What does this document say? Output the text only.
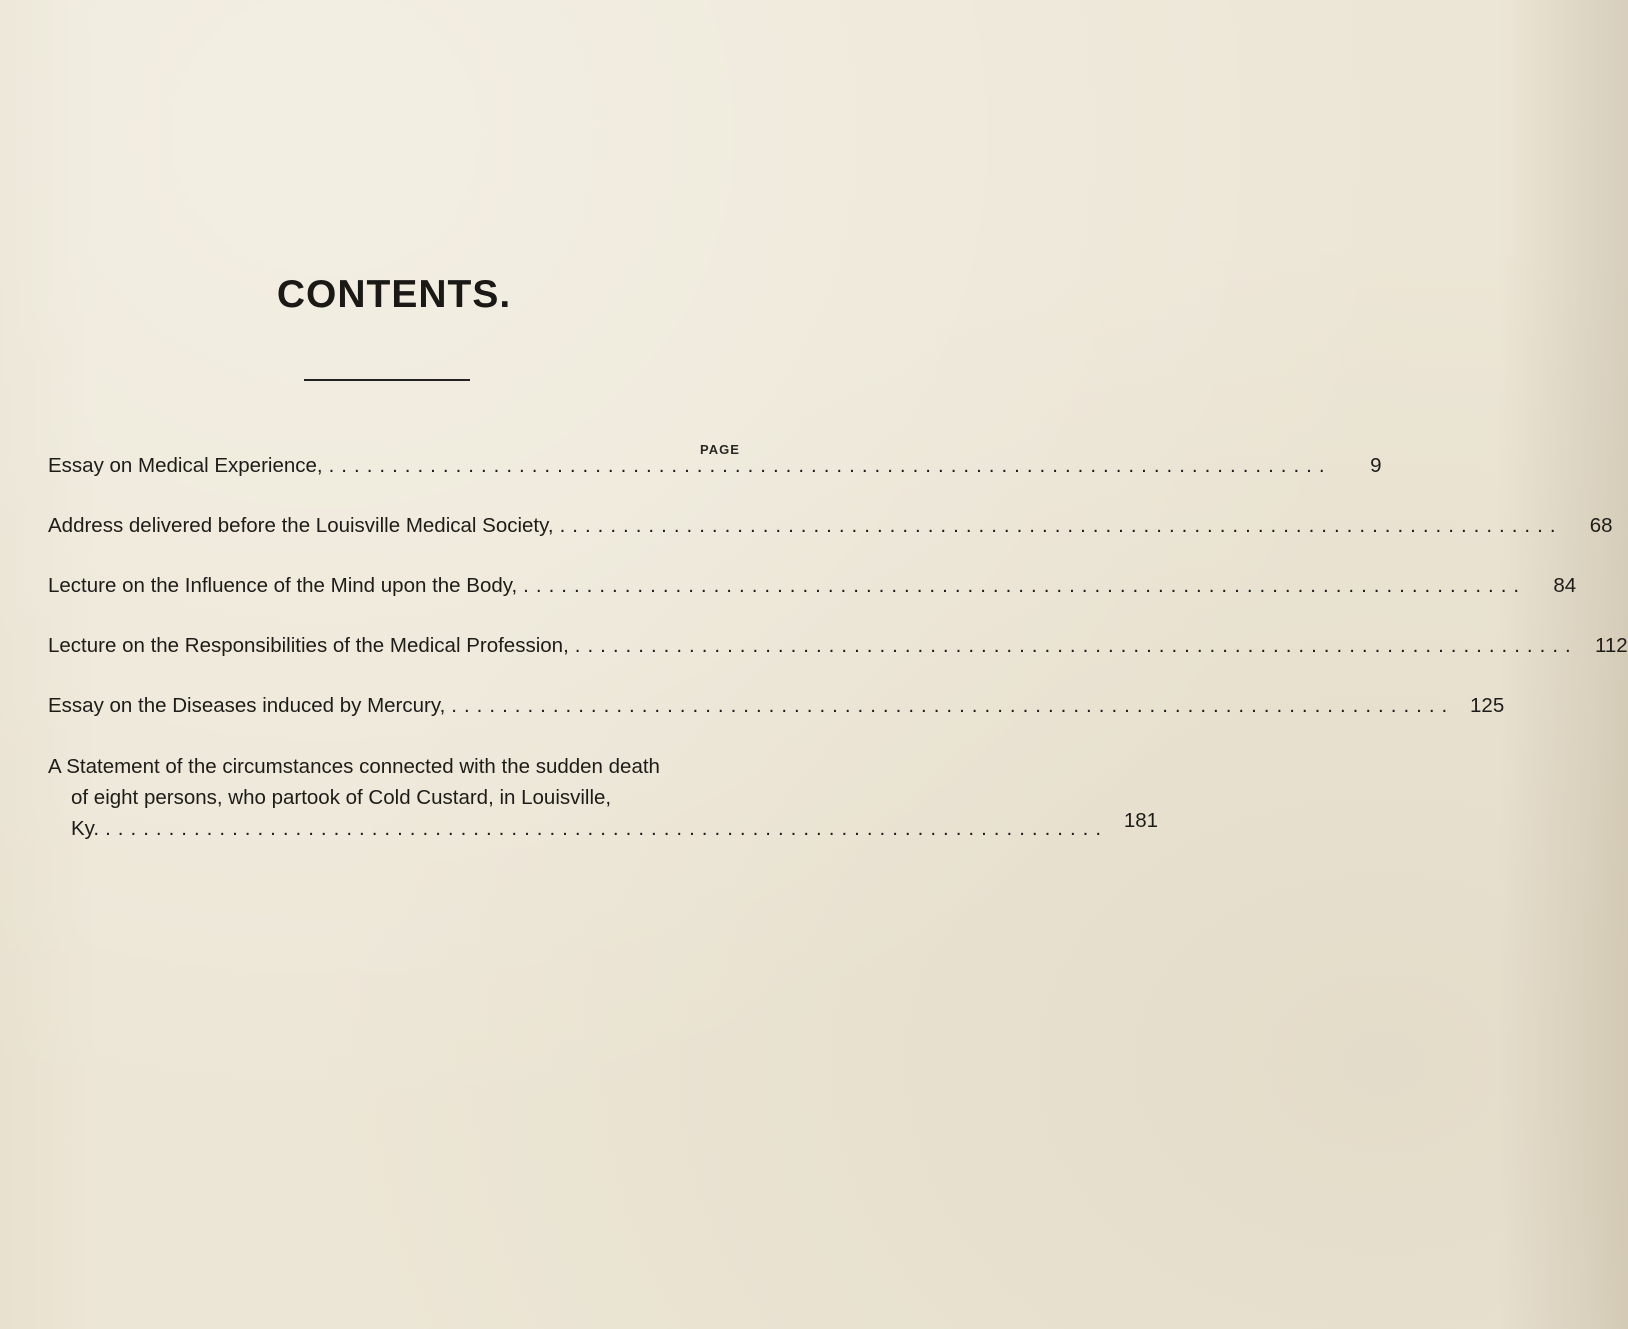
CONTENTS.
PAGE
Essay on Medical Experience, ...............................................................................	9
Address delivered before the Louisville Medical Society, ...............................................................................	68
Lecture on the Influence of the Mind upon the Body, ...............................................................................	84
Lecture on the Responsibilities of the Medical Profession, ............................................................................... 112
Essay on the Diseases induced by Mercury, ............................................................................... 125
A Statement of the circumstances connected with the sudden death
of eight persons, who partook of Cold Custard, in Louisville,
Ky. ............................................................................... 181
